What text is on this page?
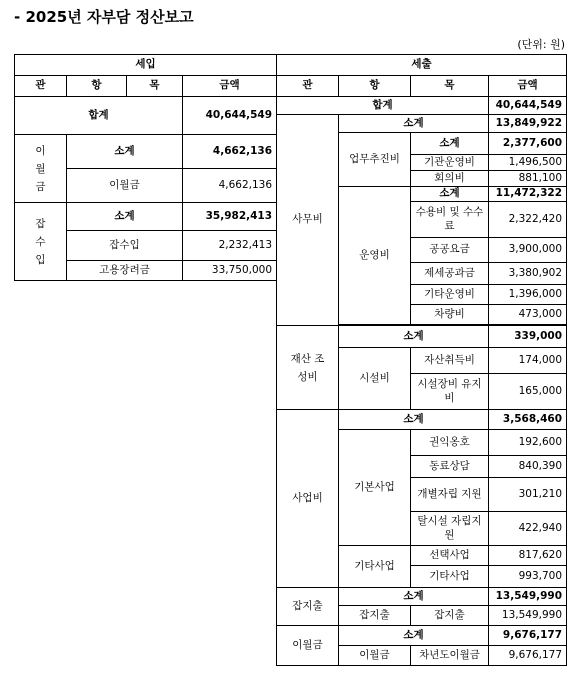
- 2025년 자부담 정산보고
(단위: 원)
세입			
관	항	목	금액
합계			40,644,549

이월금	소계		4,662,136
	이월금		4,662,136

잡수입	소계		35,982,413
	잡수입		2,232,413
	고용장려금		33,750,000
세출			
관	항	목	금액
합계			40,644,549
사무비	소계		13,849,922
	업무추진비	소계	2,377,600
		기관운영비	1,496,500
		회의비	881,100
	운영비	소계	11,472,322
		수용비 및 수수료	2,322,420
		공공요금	3,900,000
		제세공과금	3,380,902
		기타운영비	1,396,000
		차량비	473,000

재산 조성비	소계		339,000
	시설비	자산취득비	174,000
		시설장비 유지비	165,000
사업비	소계		3,568,460
	기본사업	권익옹호	192,600
		동료상담	840,390
		개별자립 지원	301,210
		탈시설 자립지원	422,940
	기타사업	선택사업	817,620
		기타사업	993,700
잡지출	소계		13,549,990
	잡지출	잡지출	13,549,990
이월금	소계		9,676,177
	이월금	차년도이월금	9,676,177
